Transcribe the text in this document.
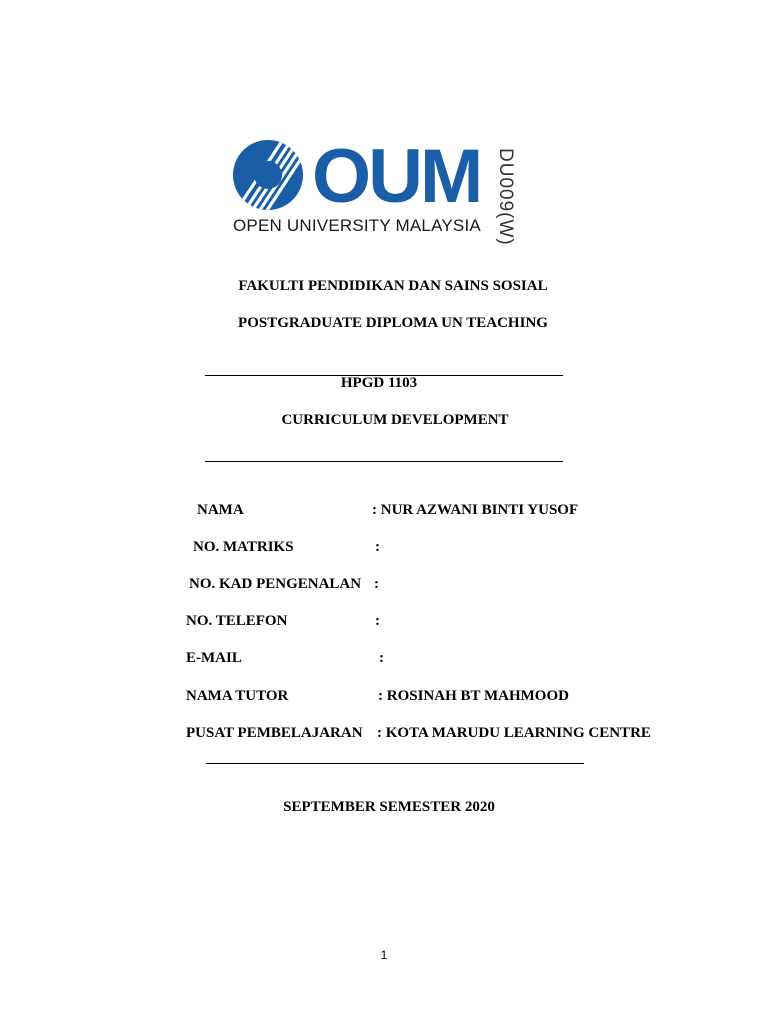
OUM
OPEN UNIVERSITY MALAYSIA DU009(W)
FAKULTI PENDIDIKAN DAN SAINS SOSIAL
POSTGRADUATE DIPLOMA UN TEACHING
HPGD 1103
CURRICULUM DEVELOPMENT
NAMA	: NUR AZWANI BINTI YUSOF
NO. MATRIKS	:
NO. KAD PENGENALAN :
NO. TELEFON	:
E-MAIL	:
NAMA TUTOR	: ROSINAH BT MAHMOOD
PUSAT PEMBELAJARAN : KOTA MARUDU LEARNING CENTRE
SEPTEMBER SEMESTER 2020
1
